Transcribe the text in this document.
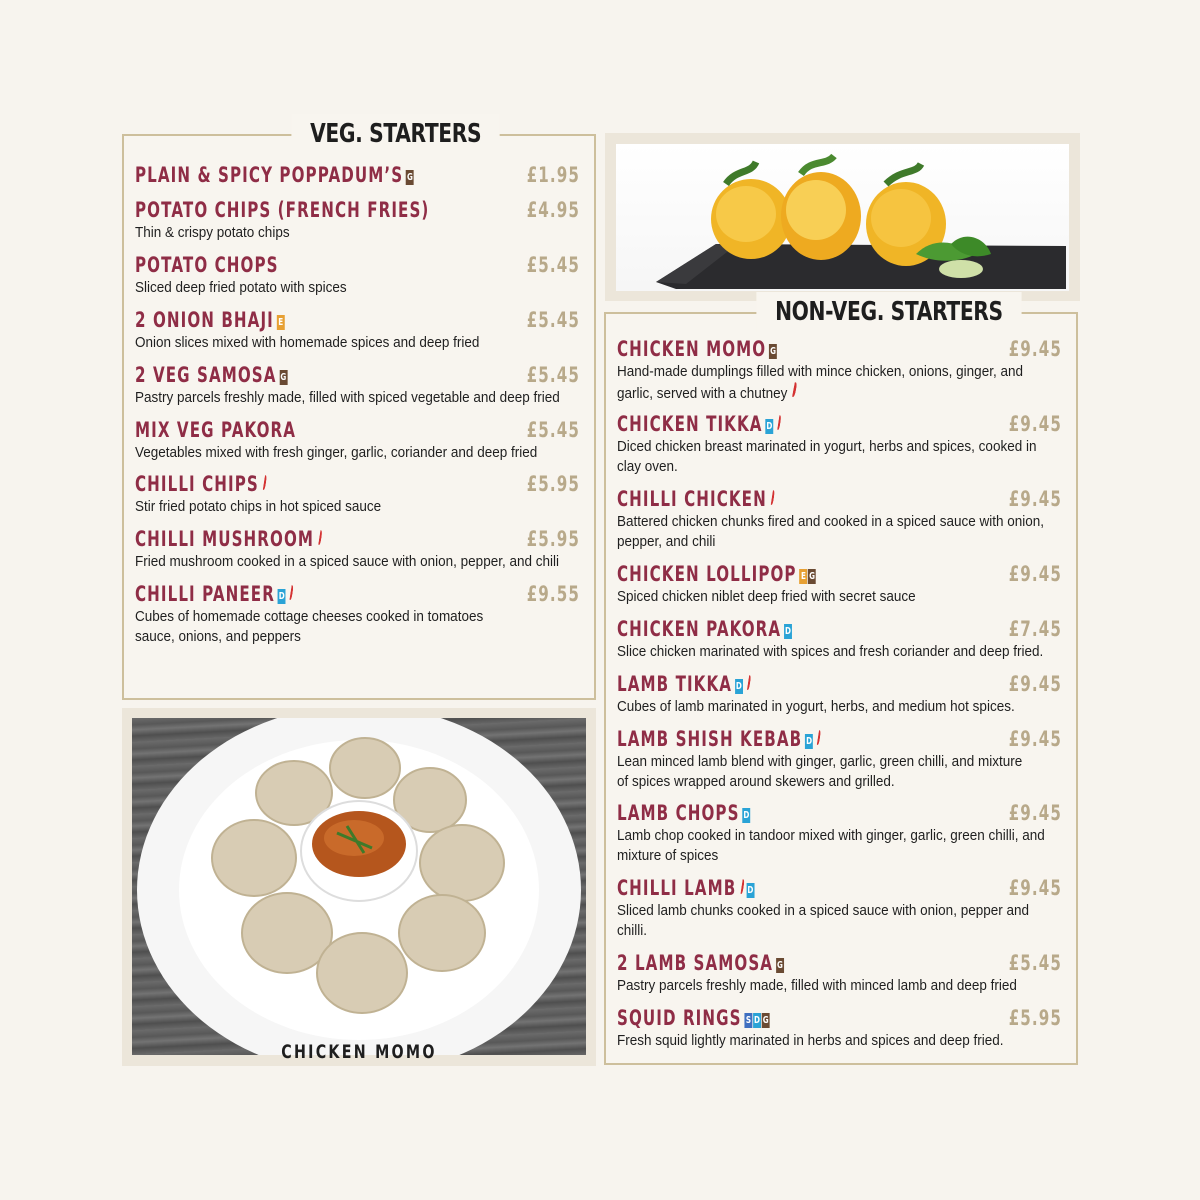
VEG. STARTERS
PLAIN & SPICY POPPADUM’S G	£1.95
POTATO CHIPS (FRENCH FRIES)	£4.95
Thin & crispy potato chips
POTATO CHOPS	£5.45
Sliced deep fried potato with spices
2 ONION BHAJI E	£5.45
Onion slices mixed with homemade spices and deep fried
2 VEG SAMOSA G	£5.45
Pastry parcels freshly made, filled with spiced vegetable and deep fried
MIX VEG PAKORA	£5.45
Vegetables mixed with fresh ginger, garlic, coriander and deep fried
CHILLI CHIPS	£5.95
Stir fried potato chips in hot spiced sauce
CHILLI MUSHROOM	£5.95
Fried mushroom cooked in a spiced sauce with onion, pepper, and chili
CHILLI PANEER D	£9.55
Cubes of homemade cottage cheeses cooked in tomatoes sauce, onions, and peppers
NON-VEG. STARTERS
CHICKEN MOMO G	£9.45
Hand-made dumplings filled with mince chicken, onions, ginger, and garlic, served with a chutney
CHICKEN TIKKA D	£9.45
Diced chicken breast marinated in yogurt, herbs and spices, cooked in clay oven.
CHILLI CHICKEN	£9.45
Battered chicken chunks fired and cooked in a spiced sauce with onion, pepper, and chili
CHICKEN LOLLIPOP E G	£9.45
Spiced chicken niblet deep fried with secret sauce
CHICKEN PAKORA D	£7.45
Slice chicken marinated with spices and fresh coriander and deep fried.
LAMB TIKKA D	£9.45
Cubes of lamb marinated in yogurt, herbs, and medium hot spices.
LAMB SHISH KEBAB D	£9.45
Lean minced lamb blend with ginger, garlic, green chilli, and mixture of spices wrapped around skewers and grilled.
LAMB CHOPS D	£9.45
Lamb chop cooked in tandoor mixed with ginger, garlic, green chilli, and mixture of spices
CHILLI LAMB D	£9.45
Sliced lamb chunks cooked in a spiced sauce with onion, pepper and chilli.
2 LAMB SAMOSA G	£5.45
Pastry parcels freshly made, filled with minced lamb and deep fried
SQUID RINGS S D G	£5.95
Fresh squid lightly marinated in herbs and spices and deep fried.
CHICKEN MOMO
